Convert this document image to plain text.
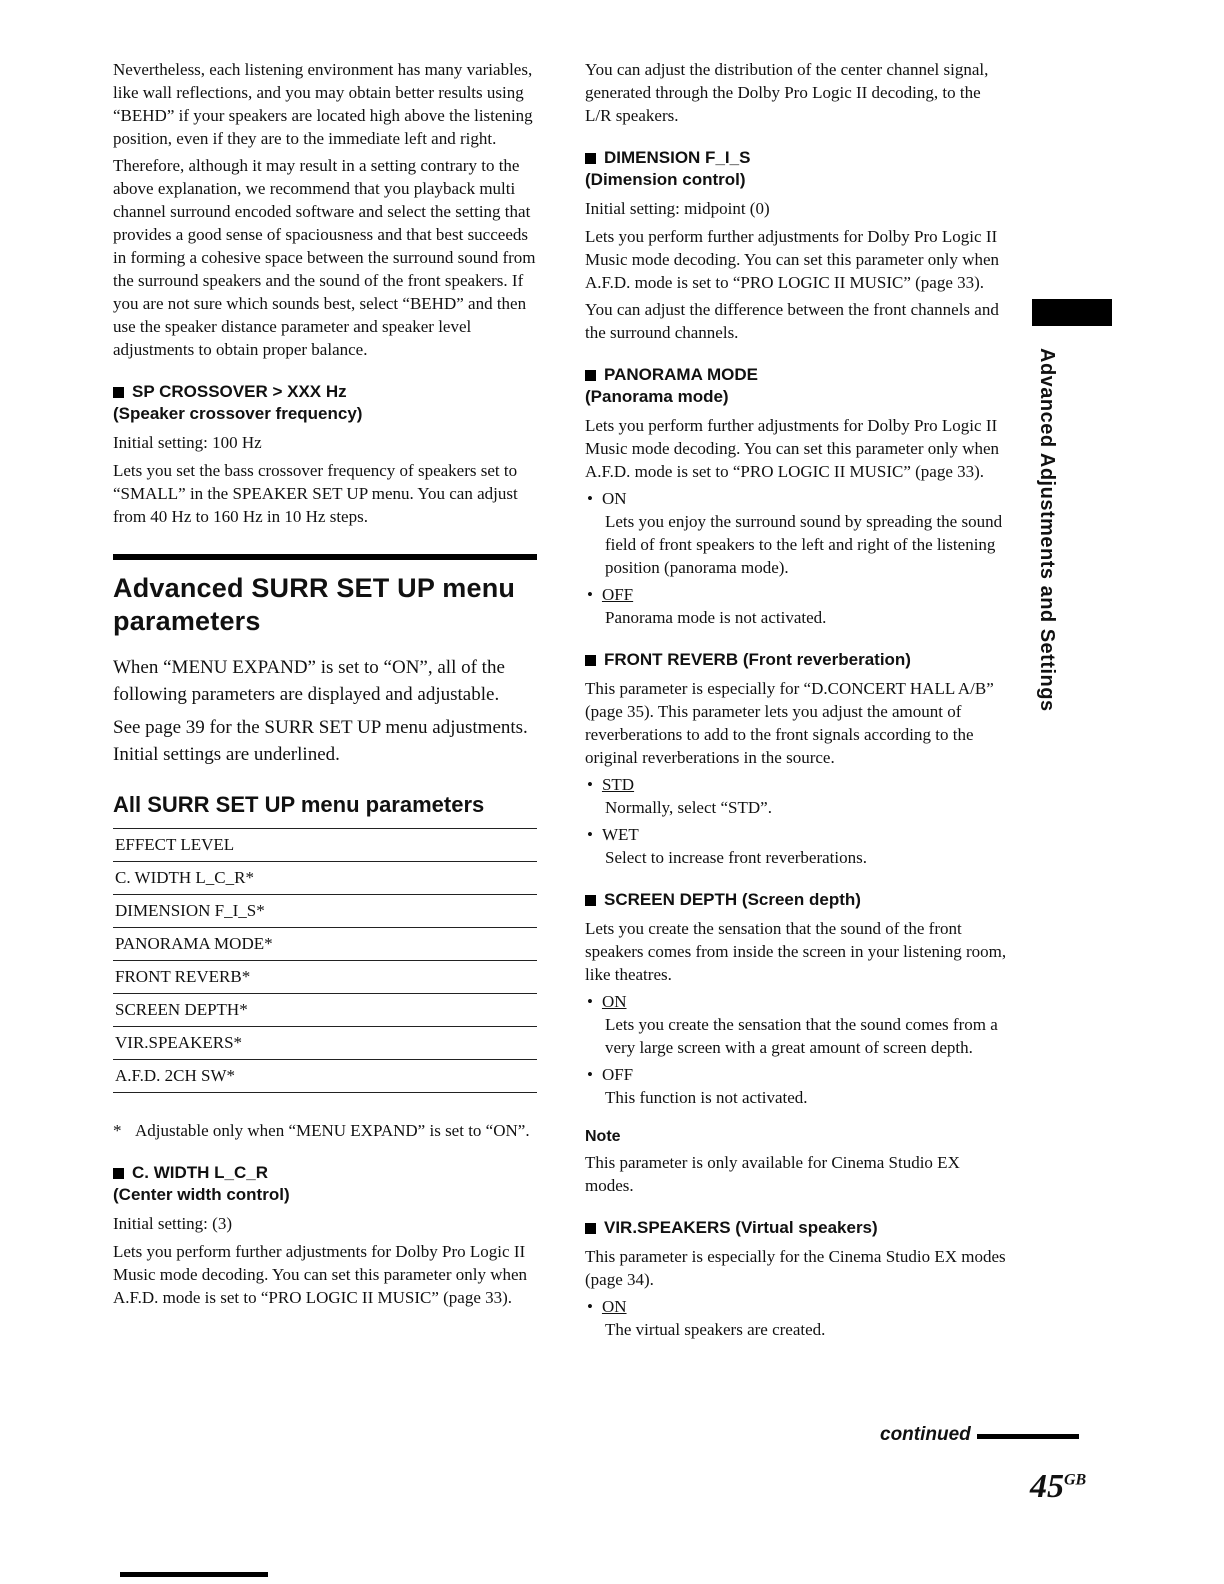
Nevertheless, each listening environment has many variables, like wall reflections, and you may obtain better results using “BEHD” if your speakers are located high above the listening position, even if they are to the immediate left and right.

Therefore, although it may result in a setting contrary to the above explanation, we recommend that you playback multi channel surround encoded software and select the setting that provides a good sense of spaciousness and that best succeeds in forming a cohesive space between the surround sound from the surround speakers and the sound of the front speakers. If you are not sure which sounds best, select “BEHD” and then use the speaker distance parameter and speaker level adjustments to obtain proper balance.

SP CROSSOVER > XXX Hz
(Speaker crossover frequency)

Initial setting: 100 Hz

Lets you set the bass crossover frequency of speakers set to “SMALL” in the SPEAKER SET UP menu. You can adjust from 40 Hz to 160 Hz in 10 Hz steps.

Advanced SURR SET UP menu parameters

When “MENU EXPAND” is set to “ON”, all of the following parameters are displayed and adjustable.

See page 39 for the SURR SET UP menu adjustments. Initial settings are underlined.

All SURR SET UP menu parameters
EFFECT LEVEL
C. WIDTH L_C_R*
DIMENSION F_I_S*
PANORAMA MODE*
FRONT REVERB*
SCREEN DEPTH*
VIR.SPEAKERS*
A.F.D. 2CH SW*
* Adjustable only when “MENU EXPAND” is set to “ON”.
C. WIDTH L_C_R
(Center width control)

Initial setting: (3)

Lets you perform further adjustments for Dolby Pro Logic II Music mode decoding. You can set this parameter only when A.F.D. mode is set to “PRO LOGIC II MUSIC” (page 33).

You can adjust the distribution of the center channel signal, generated through the Dolby Pro Logic II decoding, to the L/R speakers.

DIMENSION F_I_S
(Dimension control)

Initial setting: midpoint (0)

Lets you perform further adjustments for Dolby Pro Logic II Music mode decoding. You can set this parameter only when A.F.D. mode is set to “PRO LOGIC II MUSIC” (page 33).

You can adjust the difference between the front channels and the surround channels.

PANORAMA MODE
(Panorama mode)

Lets you perform further adjustments for Dolby Pro Logic II Music mode decoding. You can set this parameter only when A.F.D. mode is set to “PRO LOGIC II MUSIC” (page 33).

• ON

Lets you enjoy the surround sound by spreading the sound field of front speakers to the left and right of the listening position (panorama mode).

• OFF

Panorama mode is not activated.

FRONT REVERB (Front reverberation)

This parameter is especially for “D.CONCERT HALL A/B” (page 35). This parameter lets you adjust the amount of reverberations to add to the front signals according to the original reverberations in the source.

• STD

Normally, select “STD”.

• WET

Select to increase front reverberations.

SCREEN DEPTH (Screen depth)

Lets you create the sensation that the sound of the front speakers comes from inside the screen in your listening room, like theatres.

• ON

Lets you create the sensation that the sound comes from a very large screen with a great amount of screen depth.

• OFF

This function is not activated.

Note

This parameter is only available for Cinema Studio EX modes.

VIR.SPEAKERS (Virtual speakers)

This parameter is especially for the Cinema Studio EX modes (page 34).

• ON

The virtual speakers are created.

Advanced Adjustments and Settings
continued
$45^{GB}$
